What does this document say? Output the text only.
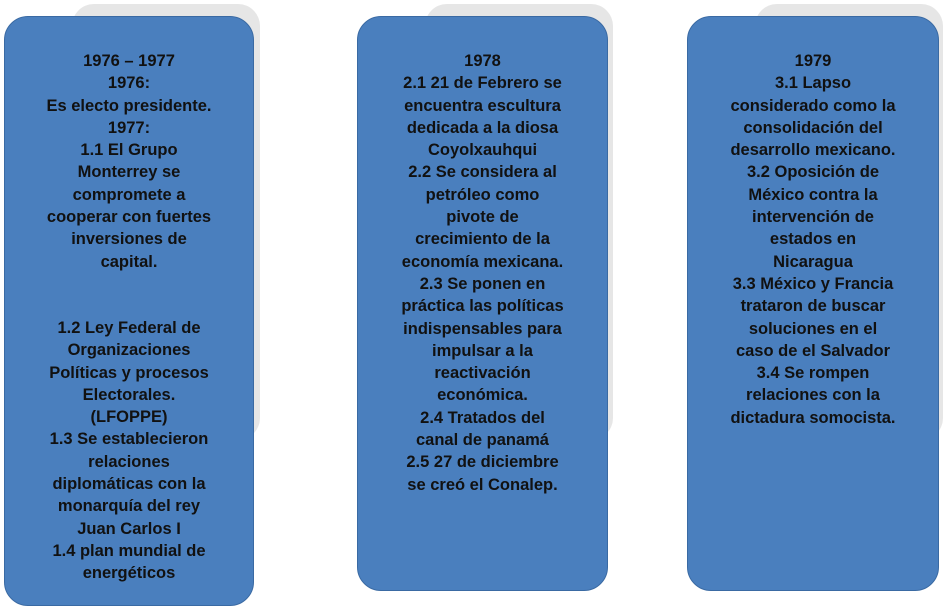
1976 – 1977
1976:
Es electo presidente.
1977:
1.1 El Grupo
Monterrey se
compromete a
cooperar con fuertes
inversiones de
capital.
1.2 Ley Federal de
Organizaciones
Políticas y procesos
Electorales.
(LFOPPE)
1.3 Se establecieron
relaciones
diplomáticas con la
monarquía del rey
Juan Carlos I
1.4 plan mundial de
energéticos
1978
2.1 21 de Febrero se
encuentra escultura
dedicada a la diosa
Coyolxauhqui
2.2 Se considera al
petróleo como
pivote de
crecimiento de la
economía mexicana.
2.3 Se ponen en
práctica las políticas
indispensables para
impulsar a la
reactivación
económica.
2.4 Tratados del
canal de panamá
2.5 27 de diciembre
se creó el Conalep.
1979
3.1 Lapso
considerado como la
consolidación del
desarrollo mexicano.
3.2 Oposición de
México contra la
intervención de
estados en
Nicaragua
3.3 México y Francia
trataron de buscar
soluciones en el
caso de el Salvador
3.4 Se rompen
relaciones con la
dictadura somocista.
